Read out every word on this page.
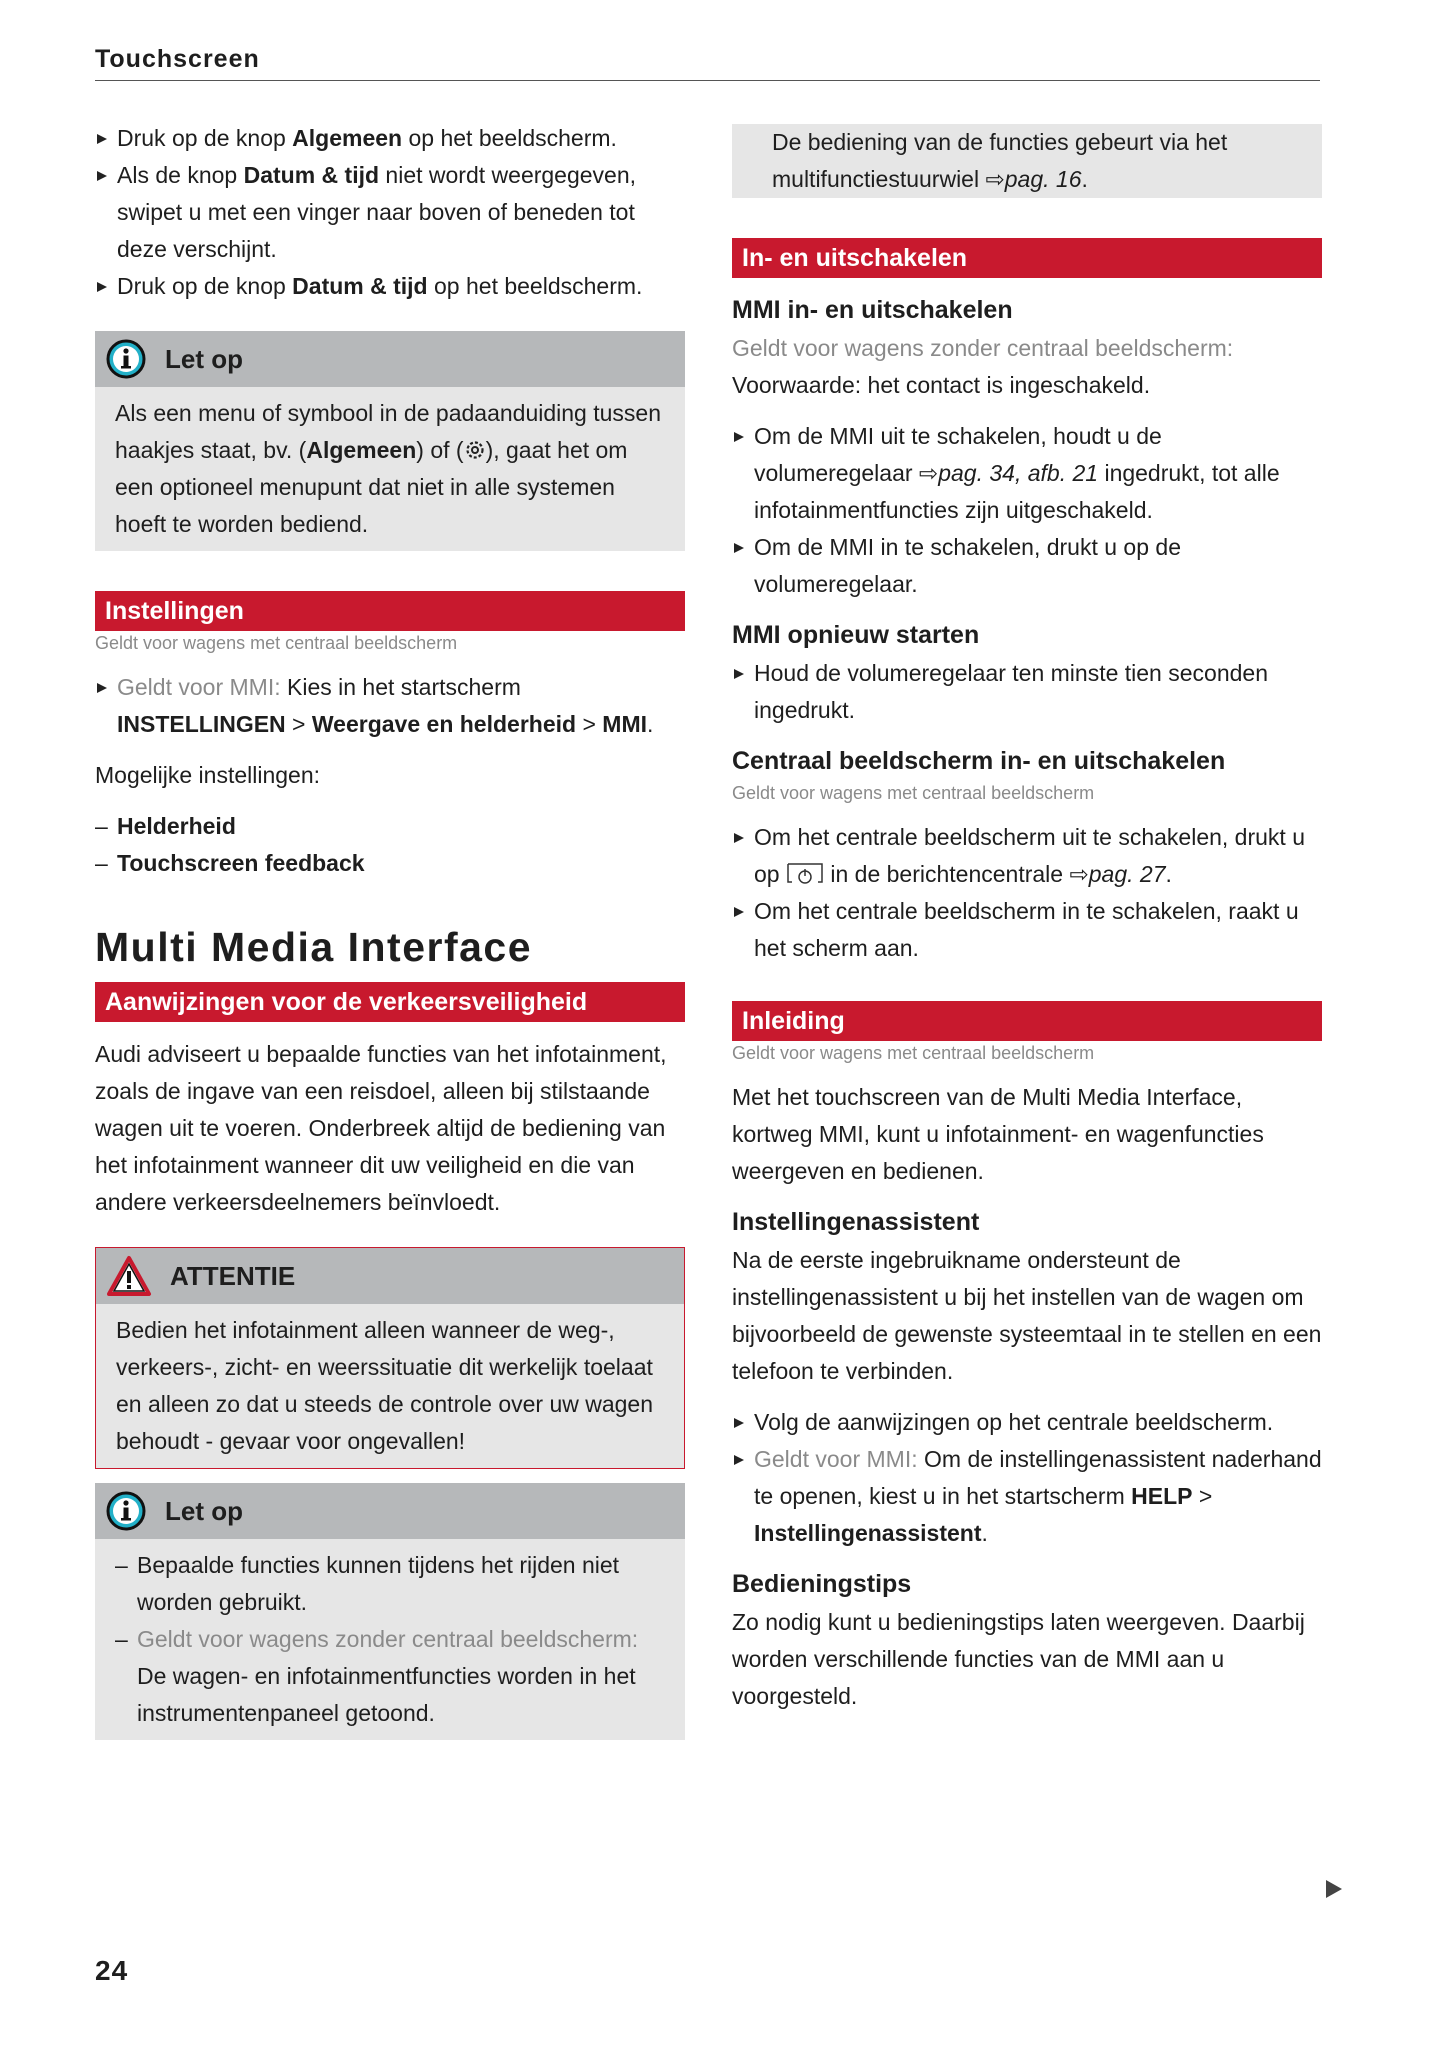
Touchscreen
Druk op de knop Algemeen op het beeldscherm.
Als de knop Datum & tijd niet wordt weergegeven, swipet u met een vinger naar boven of beneden tot deze verschijnt.
Druk op de knop Datum & tijd op het beeldscherm.
Let op
Als een menu of symbool in de padaanduiding tussen haakjes staat, bv. (Algemeen) of ( ), gaat het om een optioneel menupunt dat niet in alle systemen hoeft te worden bediend.
Instellingen
Geldt voor wagens met centraal beeldscherm
Geldt voor MMI: Kies in het startscherm INSTELLINGEN > Weergave en helderheid > MMI.
Mogelijke instellingen:
– Helderheid
– Touchscreen feedback
Multi Media Interface
Aanwijzingen voor de verkeersveiligheid
Audi adviseert u bepaalde functies van het infotainment, zoals de ingave van een reisdoel, alleen bij stilstaande wagen uit te voeren. Onderbreek altijd de bediening van het infotainment wanneer dit uw veiligheid en die van andere verkeersdeelnemers beïnvloedt.
ATTENTIE
Bedien het infotainment alleen wanneer de weg-, verkeers-, zicht- en weerssituatie dit werkelijk toelaat en alleen zo dat u steeds de controle over uw wagen behoudt - gevaar voor ongevallen!
Let op
– Bepaalde functies kunnen tijdens het rijden niet worden gebruikt.
– Geldt voor wagens zonder centraal beeldscherm: De wagen- en infotainmentfuncties worden in het instrumentenpaneel getoond.
De bediening van de functies gebeurt via het multifunctiestuurwiel ⇨pag. 16.
In- en uitschakelen
MMI in- en uitschakelen
Geldt voor wagens zonder centraal beeldscherm: Voorwaarde: het contact is ingeschakeld.
Om de MMI uit te schakelen, houdt u de volumeregelaar ⇨pag. 34, afb. 21 ingedrukt, tot alle infotainmentfuncties zijn uitgeschakeld.
Om de MMI in te schakelen, drukt u op de volumeregelaar.
MMI opnieuw starten
Houd de volumeregelaar ten minste tien seconden ingedrukt.
Centraal beeldscherm in- en uitschakelen
Geldt voor wagens met centraal beeldscherm
Om het centrale beeldscherm uit te schakelen, drukt u op  in de berichtencentrale ⇨pag. 27.
Om het centrale beeldscherm in te schakelen, raakt u het scherm aan.
Inleiding
Geldt voor wagens met centraal beeldscherm
Met het touchscreen van de Multi Media Interface, kortweg MMI, kunt u infotainment- en wagenfuncties weergeven en bedienen.
Instellingenassistent
Na de eerste ingebruikname ondersteunt de instellingenassistent u bij het instellen van de wagen om bijvoorbeeld de gewenste systeemtaal in te stellen en een telefoon te verbinden.
Volg de aanwijzingen op het centrale beeldscherm.
Geldt voor MMI: Om de instellingenassistent naderhand te openen, kiest u in het startscherm HELP > Instellingenassistent.
Bedieningstips
Zo nodig kunt u bedieningstips laten weergeven. Daarbij worden verschillende functies van de MMI aan u voorgesteld.
24
